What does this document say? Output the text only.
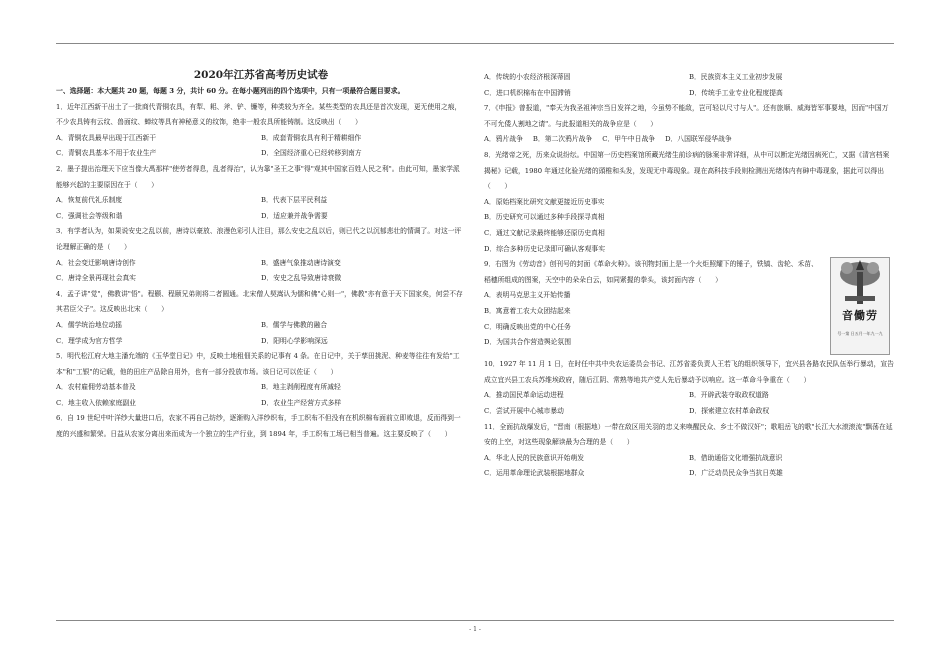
2020年江苏省高考历史试卷
一、选择题：本大题共 20 题，每题 3 分，共计 60 分。在每小题列出的四个选项中，只有一项最符合题目要求。

1．近年江西新干出土了一批商代青铜农具，有犁、耜、斧、铲、镰等，种类较为齐全。某些类型的农具还是首次发现，更无使用之痕，不少农具铸有云纹、兽面纹、蝉纹等具有神秘意义的纹饰，绝非一般农具所能铸制。这反映出（　　）

A．青铜农具最早出现于江西新干	B．成套青铜农具有利于精耕细作
C．青铜农具基本不用于农业生产	D．全国经济重心已经转移到南方

2．墨子提出治理天下应当像大禹那样"使劳者得息，乱者得治"，认为靠"圣王之事"得"观其中国家百姓人民之利"。由此可知，墨家学派能够兴起的主要原因在于（　　）

A．恢复前代礼乐制度	B．代表下层平民利益
C．强调社会等级和谐	D．适应兼并战争需要

3．有学者认为，如果说安史之乱以前，唐诗以豪放、浪漫色彩引人注目，那么安史之乱以后，则已代之以沉郁悲壮的情调了。对这一评论理解正确的是（　　）

A．社会变迁影响唐诗创作	B．盛唐气象推动唐诗演变
C．唐诗全景再现社会真实	D．安史之乱导致唐诗衰微

4．孟子讲"觉"，佛教讲"悟"。程颢、程颐兄弟则将二者圆通。北宋僧人契嵩认为儒和佛"心则一"，佛教"亦有意于天下国家矣，何尝不存其君臣父子"。这反映出北宋（　　）

A．儒学统治地位动摇	B．儒学与佛教的融合
C．理学成为官方哲学	D．阳明心学影响深远

5．明代松江府大地主潘允端的《玉华堂日记》中，反映土地租佃关系的记事有 4 条。在日记中，关于孳田挑泥、种麦等往往有发给"工本"和"工银"的记载，他的田庄产品除自用外，也有一部分投放市场。该日记可以佐证（　　）

A．农村雇佣劳动基本普及	B．地主剥削程度有所减轻
C．地主收入依赖家庭副业	D．农业生产经营方式多样

6．自 19 世纪中叶洋纱大量进口后，农家不再自己纺纱，逐渐购入洋纱织布，手工织布不但没有在机织棉布面前立即败退，反而得到一度的兴盛和繁荣。日益从农家分离出来而成为一个独立的生产行业，到 1894 年，手工织布工场已相当普遍。这主要反映了（　　）

A．传统的小农经济根深蒂固	B．民族资本主义工业初步发展
C．进口机织棉布在中国滞销	D．传统手工业专业化程度提高

7．《申报》曾报道，"奉天为我圣祖神宗当日发祥之地，今虽势不能敌，岂可轻以尺寸与人"。还有旅顺、威海皆军事要地，因而"中国万不可允倭人割地之请"。与此报道相关的战争应是（　　）

A．鸦片战争 B．第二次鸦片战争 C．甲午中日战争 D．八国联军侵华战争

8．光绪帝之死，历来众说纷纭。中国第一历史档案馆所藏光绪生前诊病的脉案非常详细，从中可以断定光绪因病死亡，又据《清宫档案揭秘》记载，1980 年通过化验光绪的頭椎和头发，发现无中毒现象。现在高科技手段则检测出光绪体内有砷中毒现象，据此可以得出（　　）

A．原始档案比研究文献更接近历史事实
B．历史研究可以通过多种手段探寻真相
C．通过文献记录最终能够还原历史真相
D．综合多种历史记录即可确认客观事实
音働劳
号一第 日五月一年九一九

9．右图为《劳动音》创刊号的封面《革命火种》。该刊物封面上是一个火炬照耀下的锤子，铁镐、齿轮、禾苗、稻穗所组成的图案，天空中的朵朵白云，如同紧握的拳头，该封面内容（　　）

A．表明马克思主义开始传播
B．寓意着工农大众团结起来
C．明确反映出党的中心任务
D．为国共合作营造舆论氛围

10．1927 年 11 月 1 日，在时任中共中央农运委员会书记、江苏省委负责人王若飞的组织领导下，宜兴县各路农民队伍举行暴动，宣告成立宜兴县工农兵苏维埃政府，随后江阴、常熟等地共产党人先后暴动予以响应。这一革命斗争重在（　　）

A．推动国民革命运动进程	B．开辟武装夺取政权道路
C．尝试开展中心城市暴动	D．探索建立农村革命政权

11．全面抗战爆发后，"晋南（根据地）一带在敌区用关羽的忠义来唤醒民众、乡士不做汉奸"；歌咀岳飞的歌"长江大水滚滚流"飘荡在延安的上空，对这些现象解读最为合理的是（　　）

A．华北人民的民族意识开始萌发	B．借助通俗文化增强抗战意识
C．运用革命理论武装根据地群众	D．广泛动员民众争当抗日英雄
- 1 -
